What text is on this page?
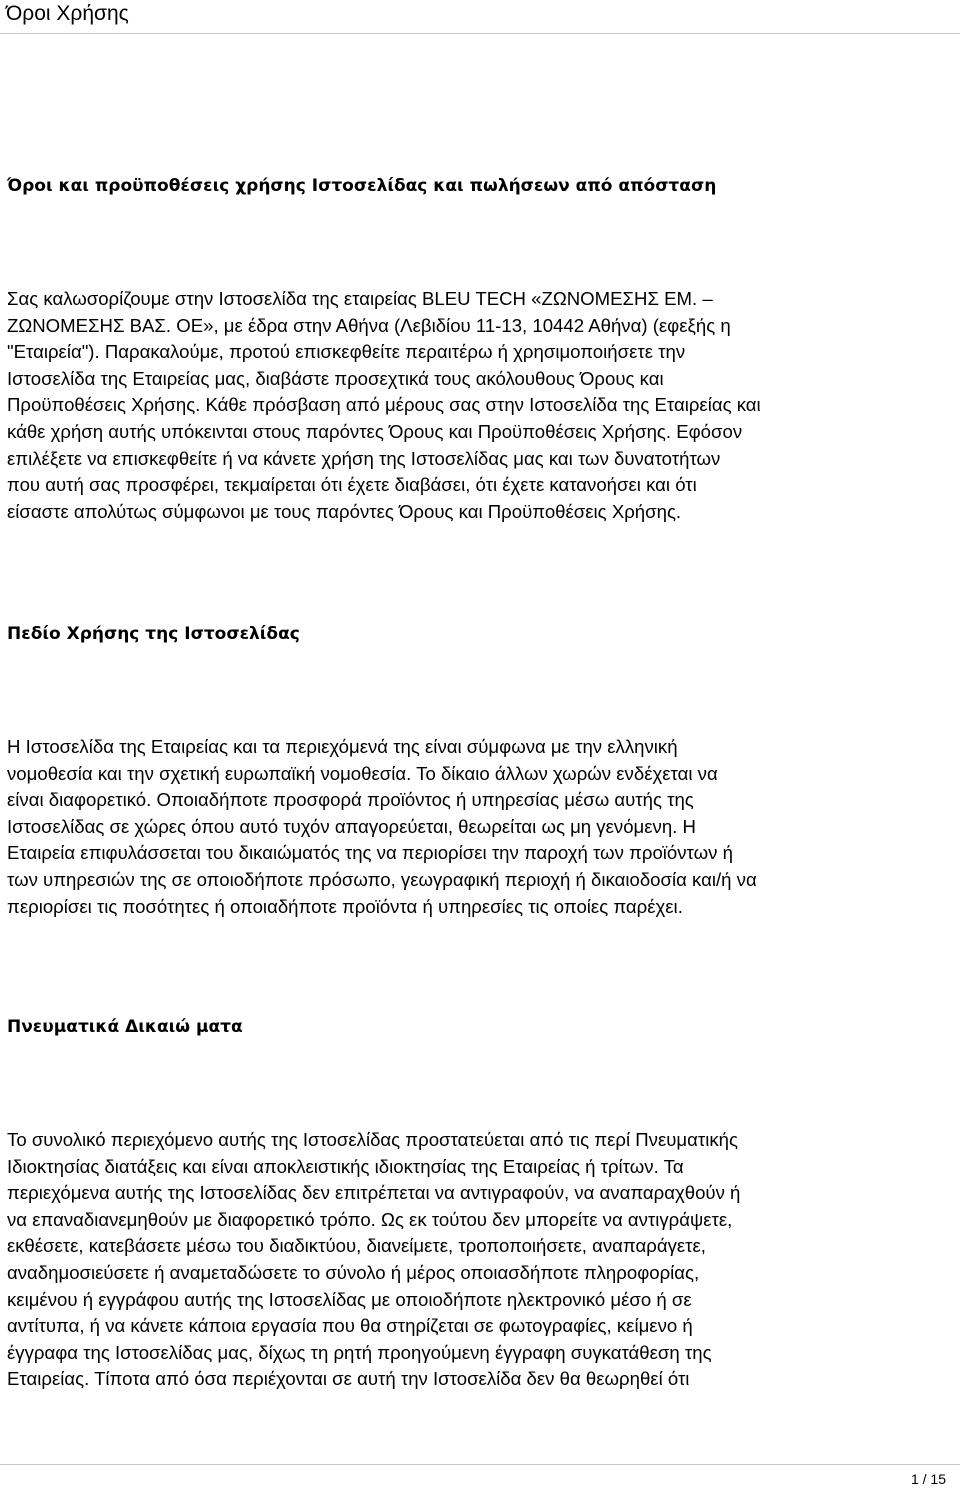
Όροι Χρήσης
Όροι και προϋποθέσεις χρήσης Ιστοσελίδας και πωλήσεων από απόσταση
Σας καλωσορίζουμε στην Ιστοσελίδα της εταιρείας BLEU TECH «ΖΩΝΟΜΕΣΗΣ ΕΜ. –
ΖΩΝΟΜΕΣΗΣ ΒΑΣ. ΟΕ», με έδρα στην Αθήνα (Λεβιδίου 11-13, 10442 Αθήνα) (εφεξής η
"Εταιρεία"). Παρακαλούμε, προτού επισκεφθείτε περαιτέρω ή χρησιμοποιήσετε την
Ιστοσελίδα της Εταιρείας μας, διαβάστε προσεχτικά τους ακόλουθους Όρους και
Προϋποθέσεις Χρήσης. Κάθε πρόσβαση από μέρους σας στην Ιστοσελίδα της Εταιρείας και
κάθε χρήση αυτής υπόκεινται στους παρόντες Όρους και Προϋποθέσεις Χρήσης. Εφόσον
επιλέξετε να επισκεφθείτε ή να κάνετε χρήση της Ιστοσελίδας μας και των δυνατοτήτων
που αυτή σας προσφέρει, τεκμαίρεται ότι έχετε διαβάσει, ότι έχετε κατανοήσει και ότι
είσαστε απολύτως σύμφωνοι με τους παρόντες Όρους και Προϋποθέσεις Χρήσης.
Πεδίο Χρήσης της Ιστοσελίδας
Η Ιστοσελίδα της Εταιρείας και τα περιεχόμενά της είναι σύμφωνα με την ελληνική
νομοθεσία και την σχετική ευρωπαϊκή νομοθεσία. Το δίκαιο άλλων χωρών ενδέχεται να
είναι διαφορετικό. Οποιαδήποτε προσφορά προϊόντος ή υπηρεσίας μέσω αυτής της
Ιστοσελίδας σε χώρες όπου αυτό τυχόν απαγορεύεται, θεωρείται ως μη γενόμενη. Η
Εταιρεία επιφυλάσσεται του δικαιώματός της να περιορίσει την παροχή των προϊόντων ή
των υπηρεσιών της σε οποιοδήποτε πρόσωπο, γεωγραφική περιοχή ή δικαιοδοσία και/ή να
περιορίσει τις ποσότητες ή οποιαδήποτε προϊόντα ή υπηρεσίες τις οποίες παρέχει.
Πνευματικά Δικαιώ ματα
Το συνολικό περιεχόμενο αυτής της Ιστοσελίδας προστατεύεται από τις περί Πνευματικής
Ιδιοκτησίας διατάξεις και είναι αποκλειστικής ιδιοκτησίας της Εταιρείας ή τρίτων. Τα
περιεχόμενα αυτής της Ιστοσελίδας δεν επιτρέπεται να αντιγραφούν, να αναπαραχθούν ή
να επαναδιανεμηθούν με διαφορετικό τρόπο. Ως εκ τούτου δεν μπορείτε να αντιγράψετε,
εκθέσετε, κατεβάσετε μέσω του διαδικτύου, διανείμετε, τροποποιήσετε, αναπαράγετε,
αναδημοσιεύσετε ή αναμεταδώσετε το σύνολο ή μέρος οποιασδήποτε πληροφορίας,
κειμένου ή εγγράφου αυτής της Ιστοσελίδας με οποιοδήποτε ηλεκτρονικό μέσο ή σε
αντίτυπα, ή να κάνετε κάποια εργασία που θα στηρίζεται σε φωτογραφίες, κείμενο ή
έγγραφα της Ιστοσελίδας μας, δίχως τη ρητή προηγούμενη έγγραφη συγκατάθεση της
Εταιρείας. Τίποτα από όσα περιέχονται σε αυτή την Ιστοσελίδα δεν θα θεωρηθεί ότι
1 / 15
